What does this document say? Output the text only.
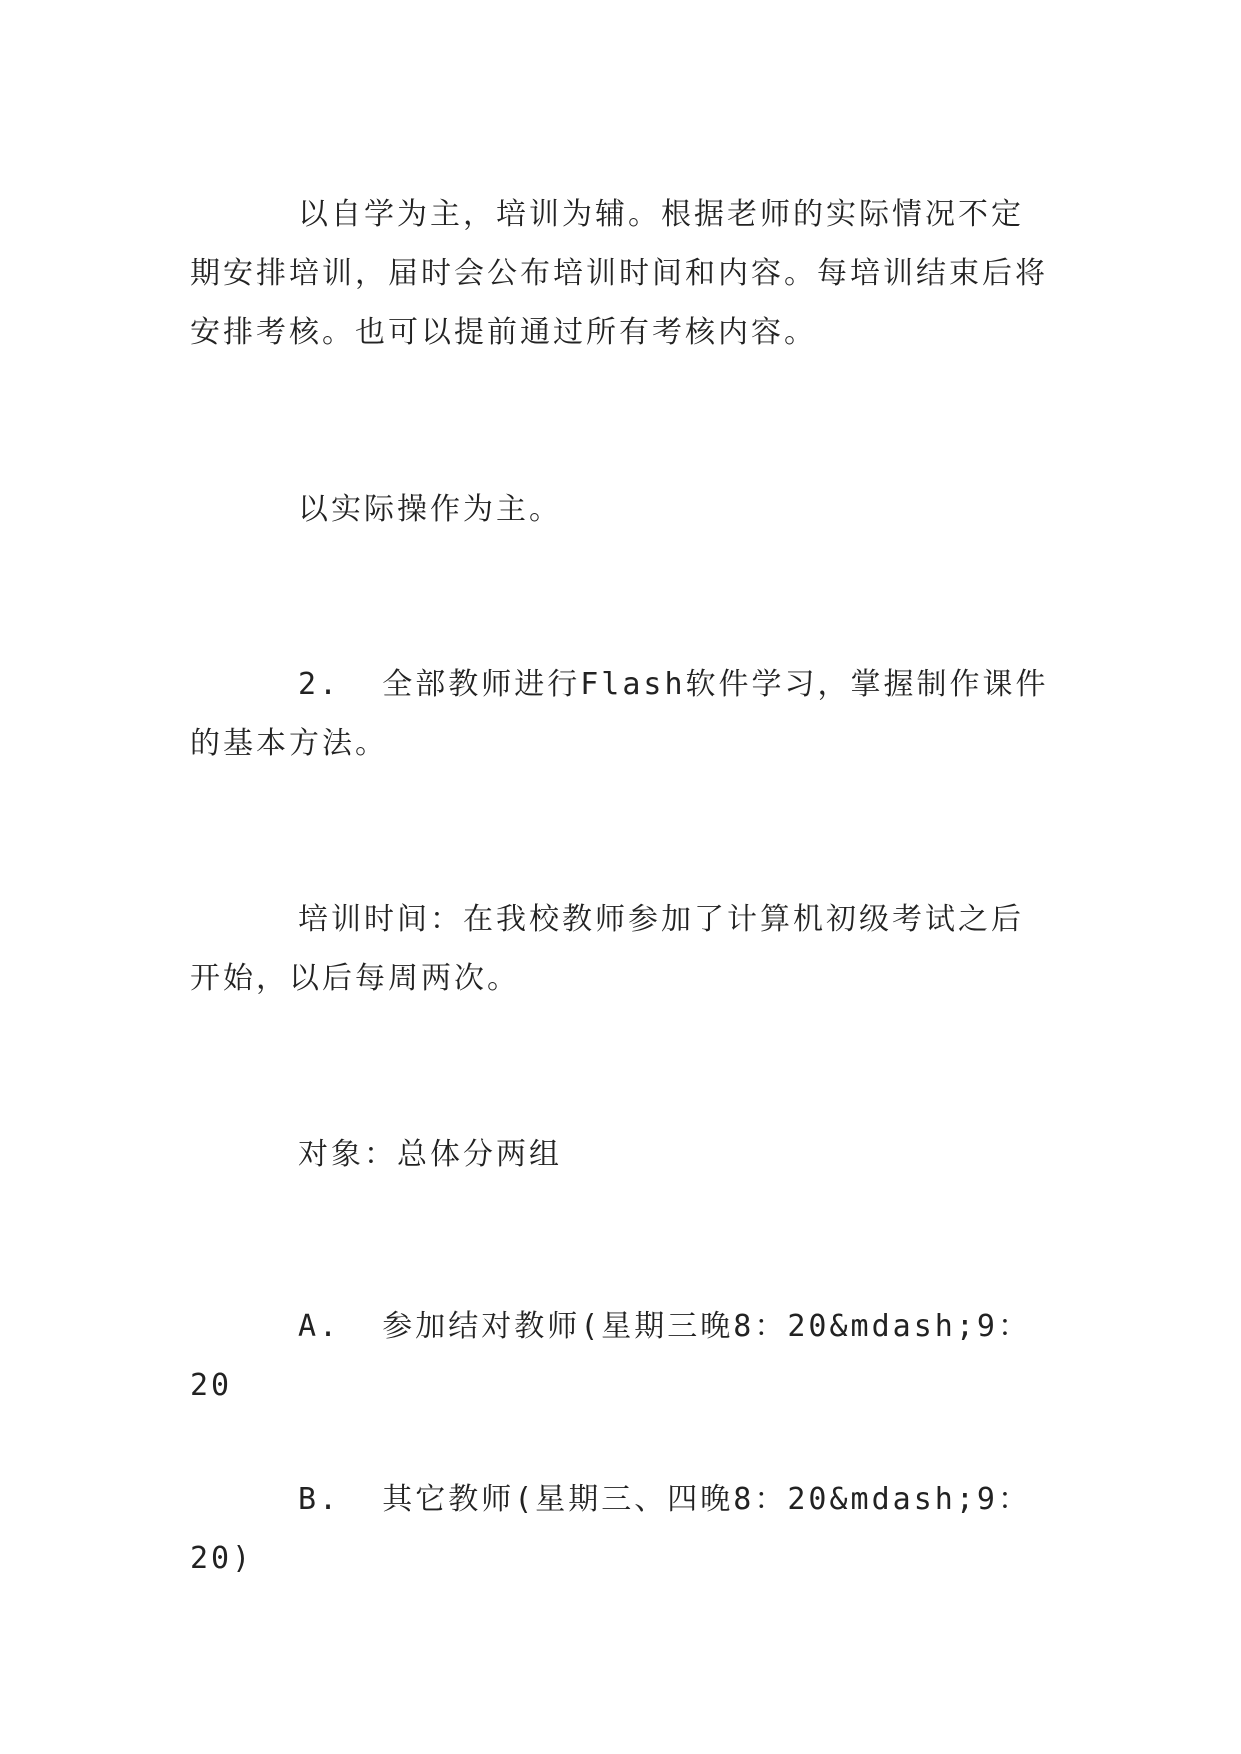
以自学为主，培训为辅。根据老师的实际情况不定期安排培训，届时会公布培训时间和内容。每培训结束后将安排考核。也可以提前通过所有考核内容。

以实际操作为主。

2.  全部教师进行Flash软件学习，掌握制作课件的基本方法。

培训时间：在我校教师参加了计算机初级考试之后开始，以后每周两次。

对象：总体分两组

A.  参加结对教师(星期三晚8：20&mdash;9：20

B.  其它教师(星期三、四晚8：20&mdash;9：20)
